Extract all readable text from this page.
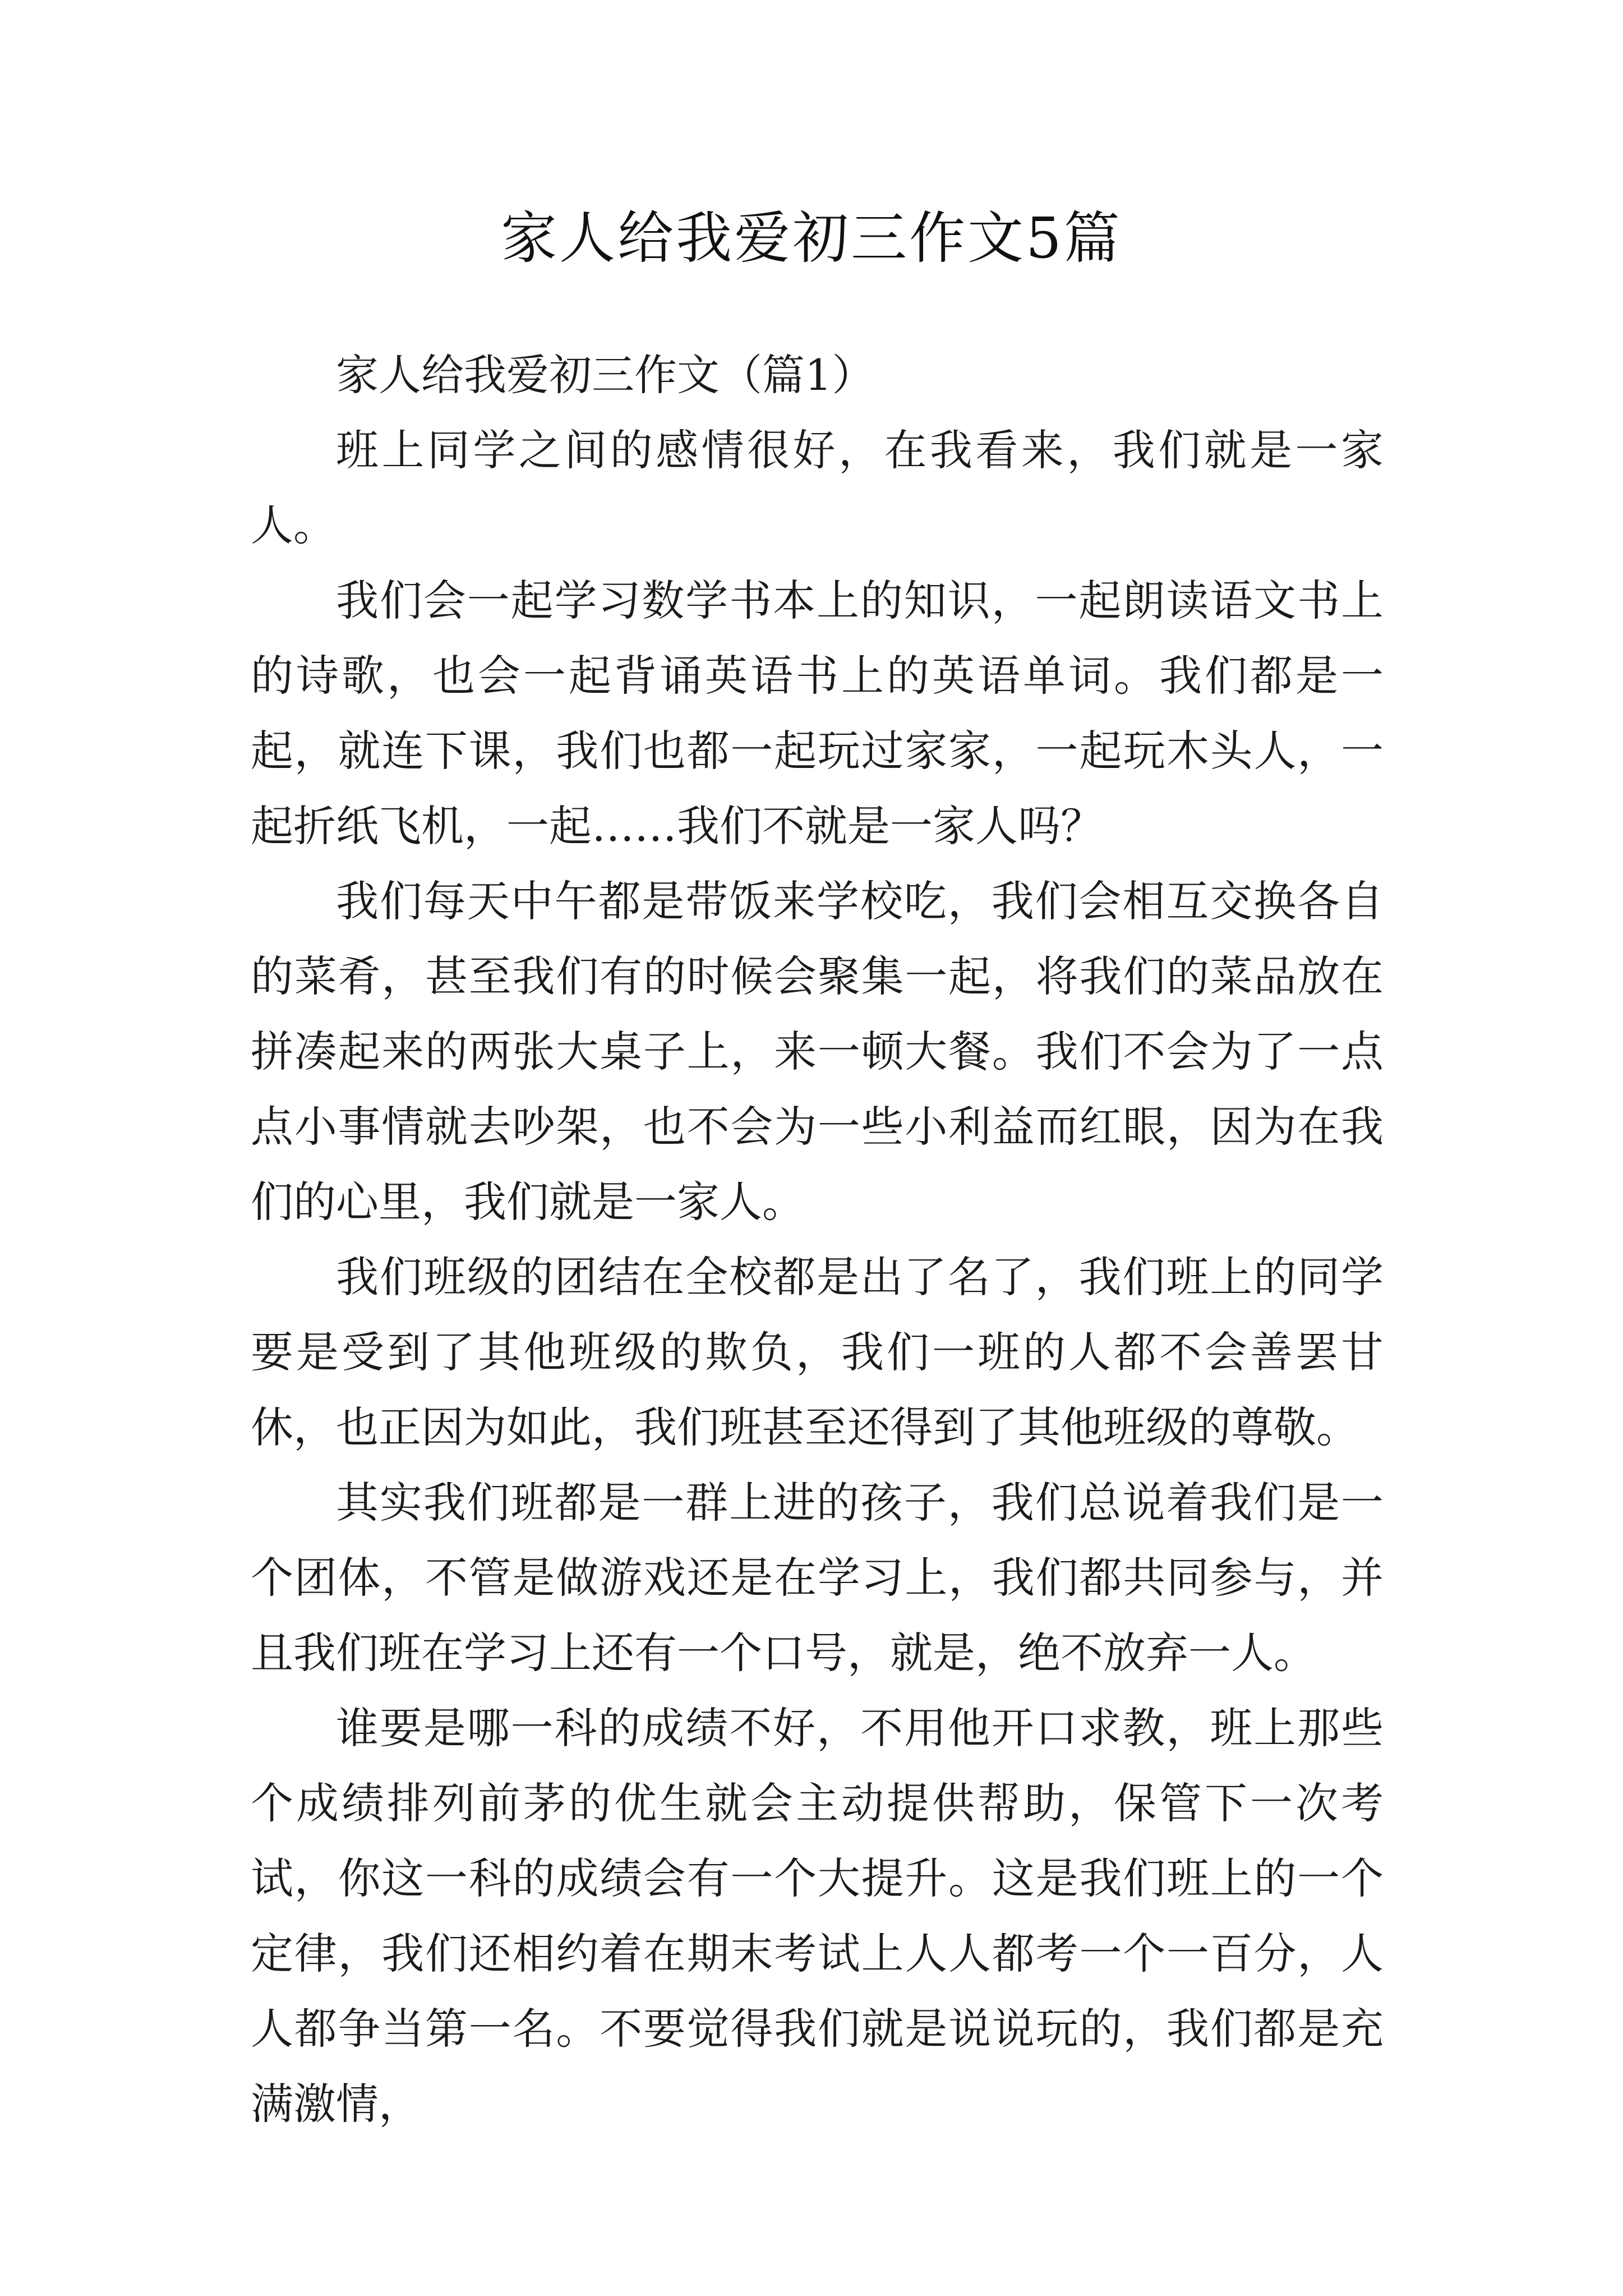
家人给我爱初三作文5篇

家人给我爱初三作文（篇1）

班上同学之间的感情很好，在我看来，我们就是一家人。

我们会一起学习数学书本上的知识，一起朗读语文书上的诗歌，也会一起背诵英语书上的英语单词。我们都是一起，就连下课，我们也都一起玩过家家，一起玩木头人，一起折纸飞机，一起……我们不就是一家人吗？

我们每天中午都是带饭来学校吃，我们会相互交换各自的菜肴，甚至我们有的时候会聚集一起，将我们的菜品放在拼凑起来的两张大桌子上，来一顿大餐。我们不会为了一点点小事情就去吵架，也不会为一些小利益而红眼，因为在我们的心里，我们就是一家人。

我们班级的团结在全校都是出了名了，我们班上的同学要是受到了其他班级的欺负，我们一班的人都不会善罢甘休，也正因为如此，我们班甚至还得到了其他班级的尊敬。

其实我们班都是一群上进的孩子，我们总说着我们是一个团体，不管是做游戏还是在学习上，我们都共同参与，并且我们班在学习上还有一个口号，就是，绝不放弃一人。

谁要是哪一科的成绩不好，不用他开口求教，班上那些个成绩排列前茅的优生就会主动提供帮助，保管下一次考试，你这一科的成绩会有一个大提升。这是我们班上的一个定律，我们还相约着在期末考试上人人都考一个一百分，人人都争当第一名。不要觉得我们就是说说玩的，我们都是充满激情，
